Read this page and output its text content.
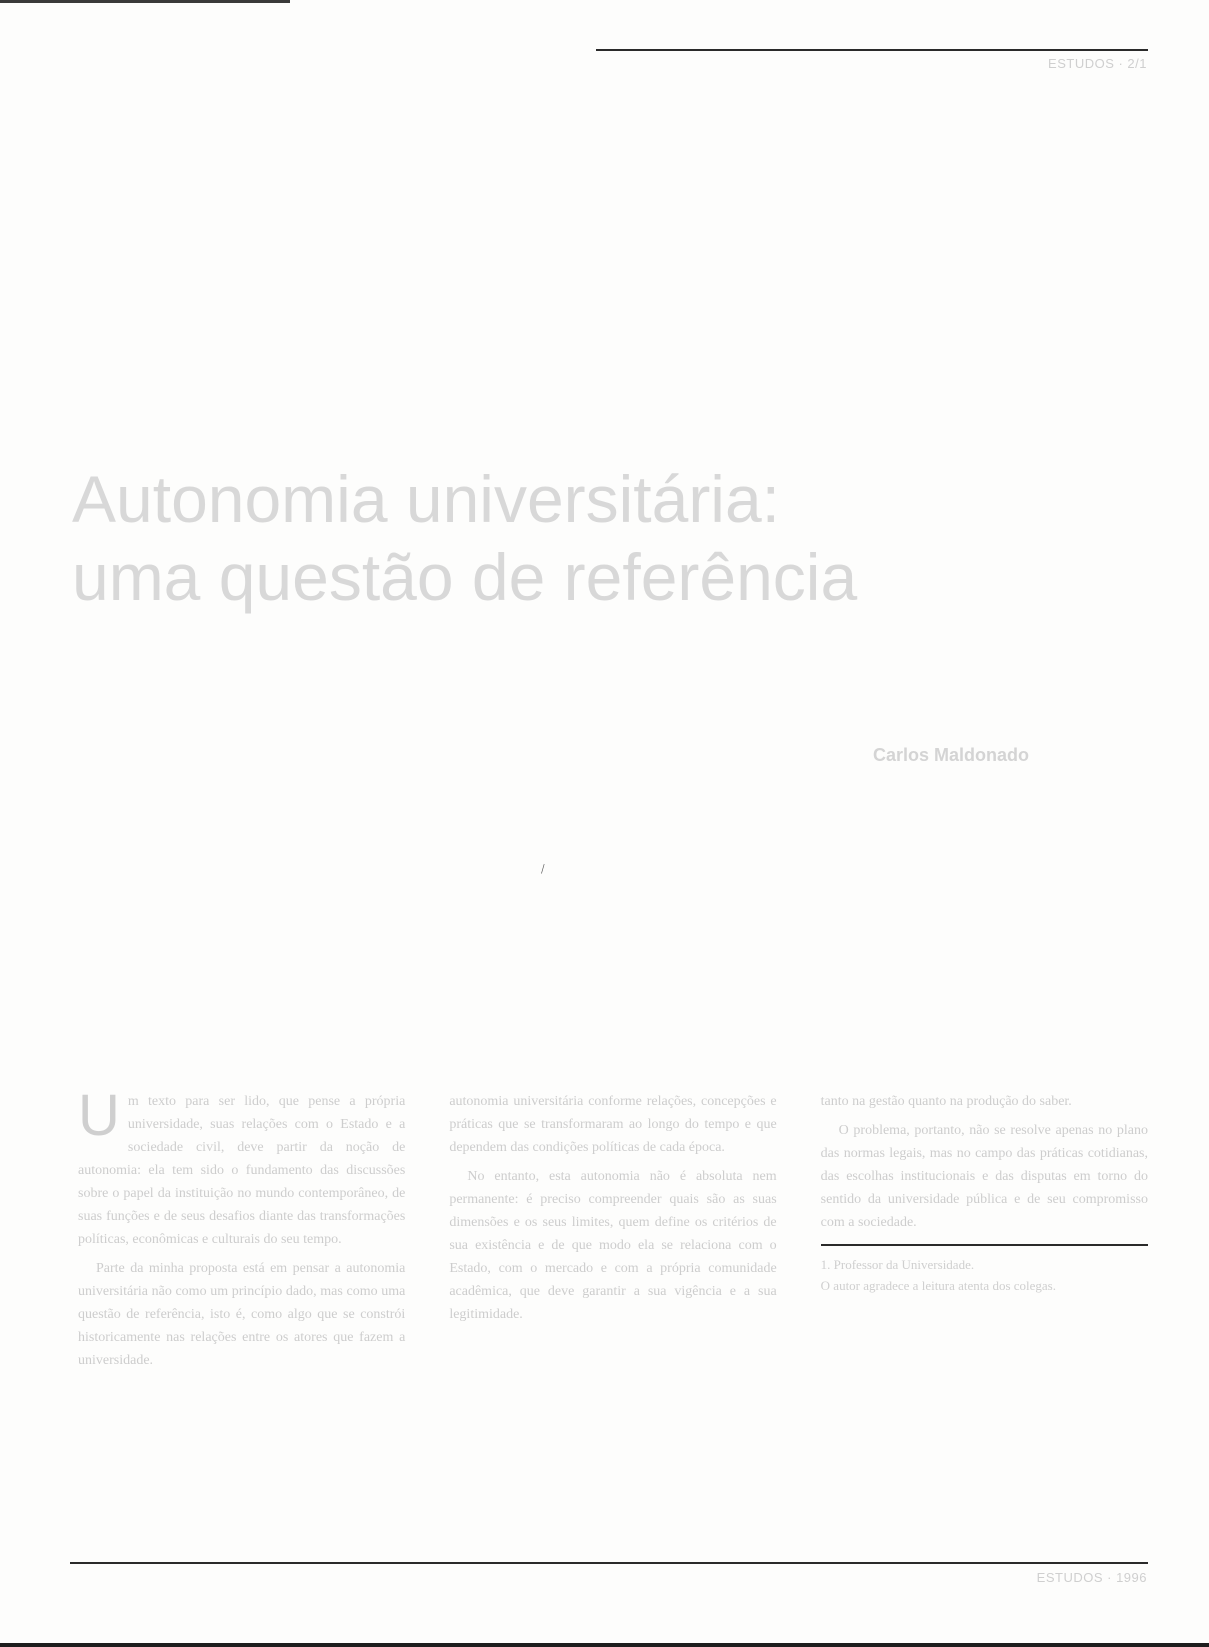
ESTUDOS · 2/1
Autonomia universitária:
uma questão de referência
Carlos Maldonado
\

Um texto para ser lido, que pense a própria universidade, suas relações com o Estado e a sociedade civil, deve partir da noção de autonomia: ela tem sido o fundamento das discussões sobre o papel da instituição no mundo contemporâneo, de suas funções e de seus desafios diante das transformações políticas, econômicas e culturais do seu tempo.

Parte da minha proposta está em pensar a autonomia universitária não como um princípio dado, mas como uma questão de referência, isto é, como algo que se constrói historicamente nas relações entre os atores que fazem a universidade.

autonomia universitária conforme relações, concepções e práticas que se transformaram ao longo do tempo e que dependem das condições políticas de cada época.

No entanto, esta autonomia não é absoluta nem permanente: é preciso compreender quais são as suas dimensões e os seus limites, quem define os critérios de sua existência e de que modo ela se relaciona com o Estado, com o mercado e com a própria comunidade acadêmica, que deve garantir a sua vigência e a sua legitimidade.

tanto na gestão quanto na produção do saber.

O problema, portanto, não se resolve apenas no plano das normas legais, mas no campo das práticas cotidianas, das escolhas institucionais e das disputas em torno do sentido da universidade pública e de seu compromisso com a sociedade.

1. Professor da Universidade.
O autor agradece a leitura atenta dos colegas.
ESTUDOS · 1996
